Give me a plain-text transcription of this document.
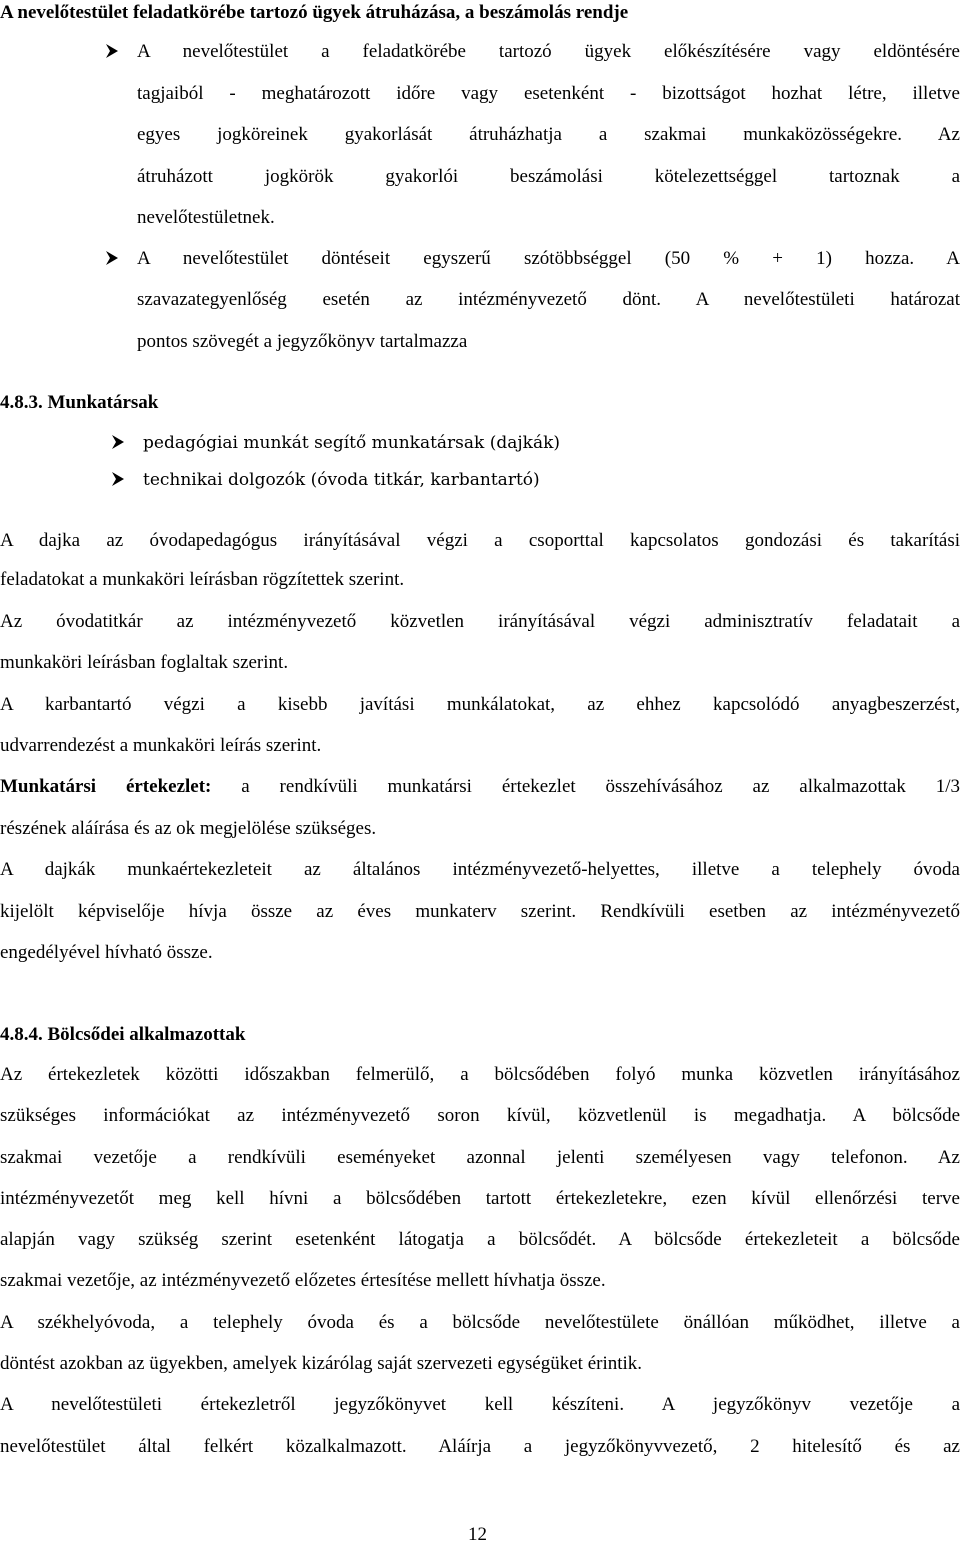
A nevelőtestület feladatkörébe tartozó ügyek átruházása, a beszámolás rendje
A nevelőtestület a feladatkörébe tartozó ügyek előkészítésére vagy eldöntésére
tagjaiból - meghatározott időre vagy esetenként - bizottságot hozhat létre, illetve
egyes jogköreinek gyakorlását átruházhatja a szakmai munkaközösségekre. Az
átruházott jogkörök gyakorlói beszámolási kötelezettséggel tartoznak a
nevelőtestületnek.
A nevelőtestület döntéseit egyszerű szótöbbséggel (50 % + 1) hozza. A
szavazategyenlőség esetén az intézményvezető dönt. A nevelőtestületi határozat
pontos szövegét a jegyzőkönyv tartalmazza
4.8.3. Munkatársak
pedagógiai munkát segítő munkatársak (dajkák)
technikai dolgozók (óvoda titkár, karbantartó)
A dajka az óvodapedagógus irányításával végzi a csoporttal kapcsolatos gondozási és takarítási
feladatokat a munkaköri leírásban rögzítettek szerint.
Az óvodatitkár az intézményvezető közvetlen irányításával végzi adminisztratív feladatait a
munkaköri leírásban foglaltak szerint.
A karbantartó végzi a kisebb javítási munkálatokat, az ehhez kapcsolódó anyagbeszerzést,
udvarrendezést a munkaköri leírás szerint.
Munkatársi értekezlet: a rendkívüli munkatársi értekezlet összehívásához az alkalmazottak 1/3
részének aláírása és az ok megjelölése szükséges.
A dajkák munkaértekezleteit az általános intézményvezető-helyettes, illetve a telephely óvoda
kijelölt képviselője hívja össze az éves munkaterv szerint. Rendkívüli esetben az intézményvezető
engedélyével hívható össze.
4.8.4. Bölcsődei alkalmazottak
Az értekezletek közötti időszakban felmerülő, a bölcsődében folyó munka közvetlen irányításához
szükséges információkat az intézményvezető soron kívül, közvetlenül is megadhatja. A bölcsőde
szakmai vezetője a rendkívüli eseményeket azonnal jelenti személyesen vagy telefonon. Az
intézményvezetőt meg kell hívni a bölcsődében tartott értekezletekre, ezen kívül ellenőrzési terve
alapján vagy szükség szerint esetenként látogatja a bölcsődét. A bölcsőde értekezleteit a bölcsőde
szakmai vezetője, az intézményvezető előzetes értesítése mellett hívhatja össze.
A székhelyóvoda, a telephely óvoda és a bölcsőde nevelőtestülete önállóan működhet, illetve a
döntést azokban az ügyekben, amelyek kizárólag saját szervezeti egységüket érintik.
A nevelőtestületi értekezletről jegyzőkönyvet kell készíteni. A jegyzőkönyv vezetője a
nevelőtestület által felkért közalkalmazott. Aláírja a jegyzőkönyvvezető, 2 hitelesítő és az
12
